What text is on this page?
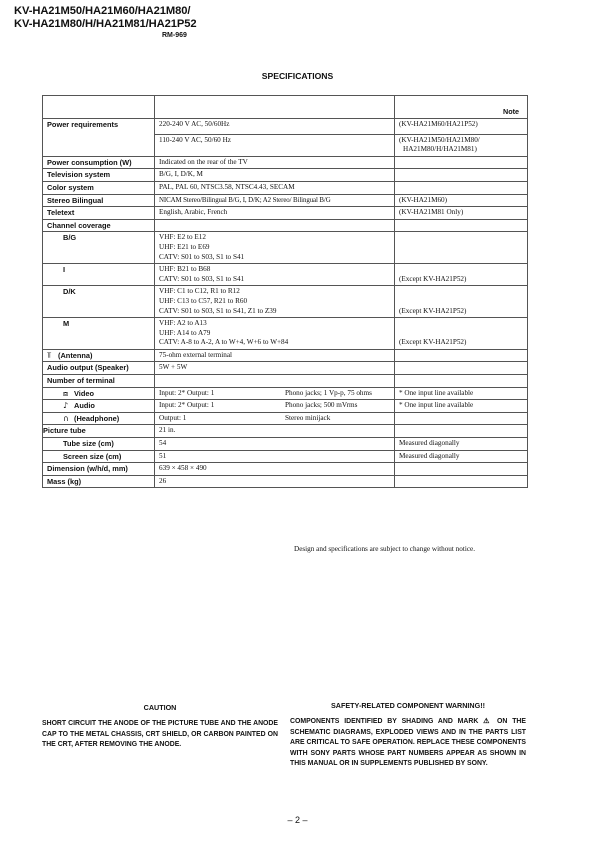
KV-HA21M50/HA21M60/HA21M80/
KV-HA21M80/H/HA21M81/HA21P52
RM-969
SPECIFICATIONS

		Note

Power requirements	220-240 V AC, 50/60Hz	(KV-HA21M60/HA21P52)
	110-240 V AC, 50/60 Hz	(KV-HA21M50/HA21M80/
HA21M80/H/HA21M81)
Power consumption (W)	Indicated on the rear of the TV	
Television system	B/G, I, D/K, M	
Color system	PAL, PAL 60, NTSC3.58, NTSC4.43, SECAM	
Stereo Bilingual	NICAM Stereo/Bilingual B/G, I, D/K; A2 Stereo/ Bilingual B/G	(KV-HA21M60)
Teletext	English, Arabic, French	(KV-HA21M81 Only)
Channel coverage		
B/G	VHF: E2 to E12
UHF: E21 to E69
CATV: S01 to S03, S1 to S41	

I	UHF: B21 to B68
CATV: S01 to S03, S1 to S41	(Except KV-HA21P52)
D/K	VHF: C1 to C12, R1 to R12
UHF: C13 to C57, R21 to R60
CATV: S01 to S03, S1 to S41, Z1 to Z39	(Except KV-HA21P52)
M	VHF: A2 to A13
UHF: A14 to A79
CATV: A-8 to A-2, A to W+4, W+6 to W+84	(Except KV-HA21P52)
⫪ (Antenna)	75-ohm external terminal	
Audio output (Speaker)	5W + 5W	
Number of terminal		
⧈ Video	Input: 2* Output: 1 Phono jacks; 1 Vp-p, 75 ohms	* One input line available
♪ Audio	Input: 2* Output: 1 Phono jacks; 500 mVrms	* One input line available
∩ (Headphone)	Output: 1 Stereo minijack	

Picture tube	21 in.	
Tube size (cm)	54	Measured diagonally
Screen size (cm)	51	Measured diagonally
Dimension (w/h/d, mm)	639 × 458 × 490	
Mass (kg)	26	
Design and specifications are subject to change without notice.
CAUTION

SHORT CIRCUIT THE ANODE OF THE PICTURE TUBE AND THE ANODE CAP TO THE METAL CHASSIS, CRT SHIELD, OR CARBON PAINTED ON THE CRT, AFTER REMOVING THE ANODE.

SAFETY-RELATED COMPONENT WARNING!!

COMPONENTS IDENTIFIED BY SHADING AND MARK ⚠ ON THE SCHEMATIC DIAGRAMS, EXPLODED VIEWS AND IN THE PARTS LIST ARE CRITICAL TO SAFE OPERATION. REPLACE THESE COMPONENTS WITH SONY PARTS WHOSE PART NUMBERS APPEAR AS SHOWN IN THIS MANUAL OR IN SUPPLEMENTS PUBLISHED BY SONY.

– 2 –
